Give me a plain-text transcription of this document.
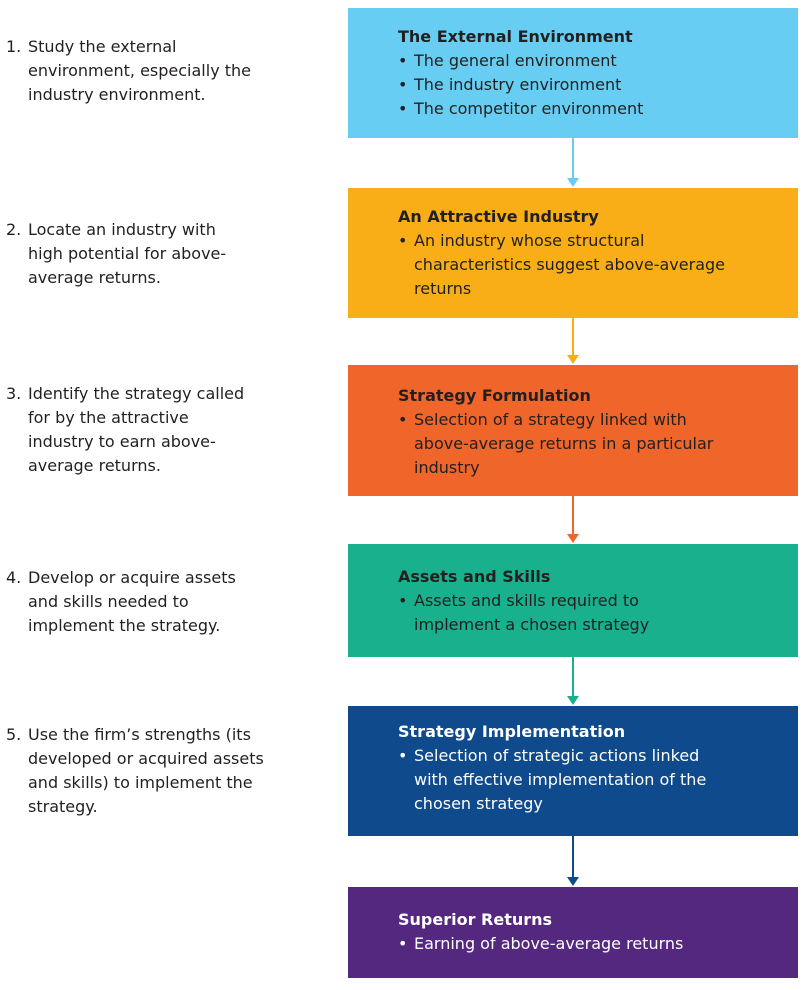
1. Study the external environment, especially the industry environment.
2. Locate an industry with high potential for above-average returns.
3. Identify the strategy called for by the attractive industry to earn above-average returns.
4. Develop or acquire assets and skills needed to implement the strategy.
5. Use the firm’s strengths (its developed or acquired assets and skills) to implement the strategy.
The External Environment
• The general environment
• The industry environment
• The competitor environment
An Attractive Industry
• An industry whose structural characteristics suggest above-average returns
Strategy Formulation
• Selection of a strategy linked with above-average returns in a particular industry
Assets and Skills
• Assets and skills required to implement a chosen strategy
Strategy Implementation
• Selection of strategic actions linked with effective implementation of the chosen strategy
Superior Returns
• Earning of above-average returns
